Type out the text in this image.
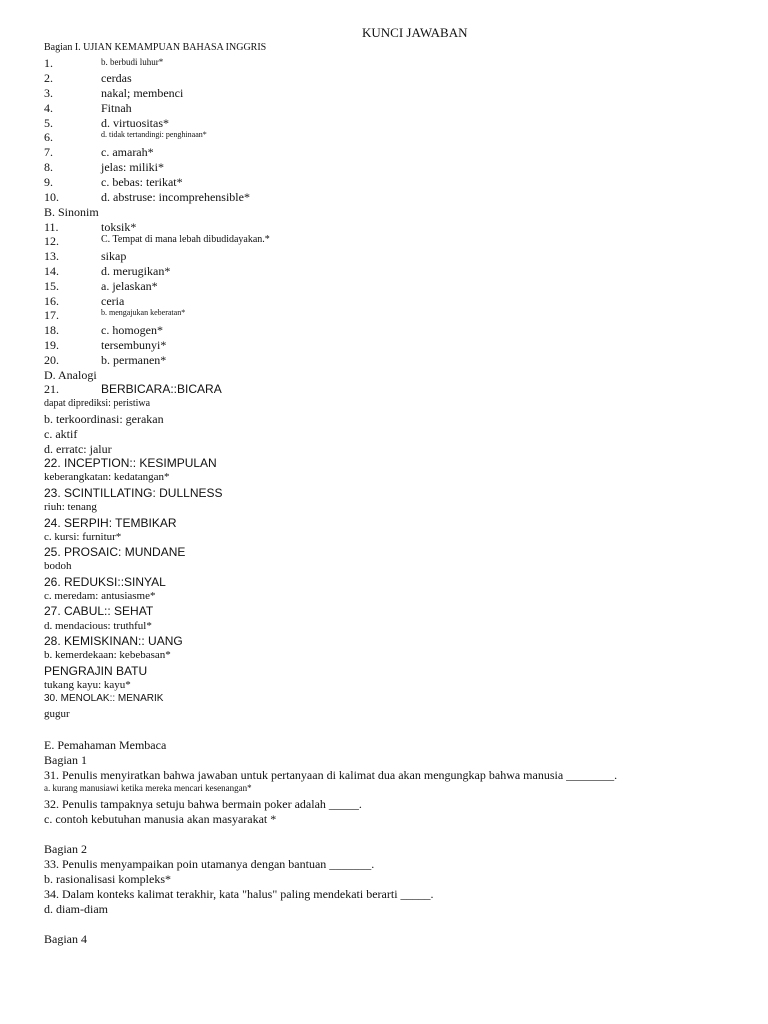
KUNCI JAWABAN
Bagian I. UJIAN KEMAMPUAN BAHASA INGGRIS
1.	b. berbudi luhur*
2.	cerdas
3.	nakal; membenci
4.	Fitnah
5.	d. virtuositas*
6.	d. tidak tertandingi: penghinaan*
7.	c. amarah*
8.	jelas: miliki*
9.	c. bebas: terikat*
10.	d. abstruse: incomprehensible*
B. Sinonim
11.	toksik*
12.	C. Tempat di mana lebah dibudidayakan.*
13.	sikap
14.	d. merugikan*
15.	a. jelaskan*
16.	ceria
17.	b. mengajukan keberatan*
18.	c. homogen*
19.	tersembunyi*
20.	b. permanen*
D. Analogi
21.	BERBICARA::BICARA
dapat diprediksi: peristiwa
b. terkoordinasi: gerakan
c. aktif
d. erratc: jalur
22. INCEPTION:: KESIMPULAN
keberangkatan: kedatangan*
23. SCINTILLATING: DULLNESS
riuh: tenang
24. SERPIH: TEMBIKAR
c. kursi: furnitur*
25. PROSAIC: MUNDANE
bodoh
26. REDUKSI::SINYAL
c. meredam: antusiasme*
27. CABUL:: SEHAT
d. mendacious: truthful*
28. KEMISKINAN:: UANG
b. kemerdekaan: kebebasan*
PENGRAJIN BATU
tukang kayu: kayu*
30. MENOLAK:: MENARIK
gugur
E. Pemahaman Membaca
Bagian 1
31. Penulis menyiratkan bahwa jawaban untuk pertanyaan di kalimat dua akan mengungkap bahwa manusia ________.
a. kurang manusiawi ketika mereka mencari kesenangan*
32. Penulis tampaknya setuju bahwa bermain poker adalah _____.
c. contoh kebutuhan manusia akan masyarakat *
Bagian 2
33. Penulis menyampaikan poin utamanya dengan bantuan _______.
b. rasionalisasi kompleks*
34. Dalam konteks kalimat terakhir, kata "halus" paling mendekati berarti _____.
d. diam-diam
Bagian 4
